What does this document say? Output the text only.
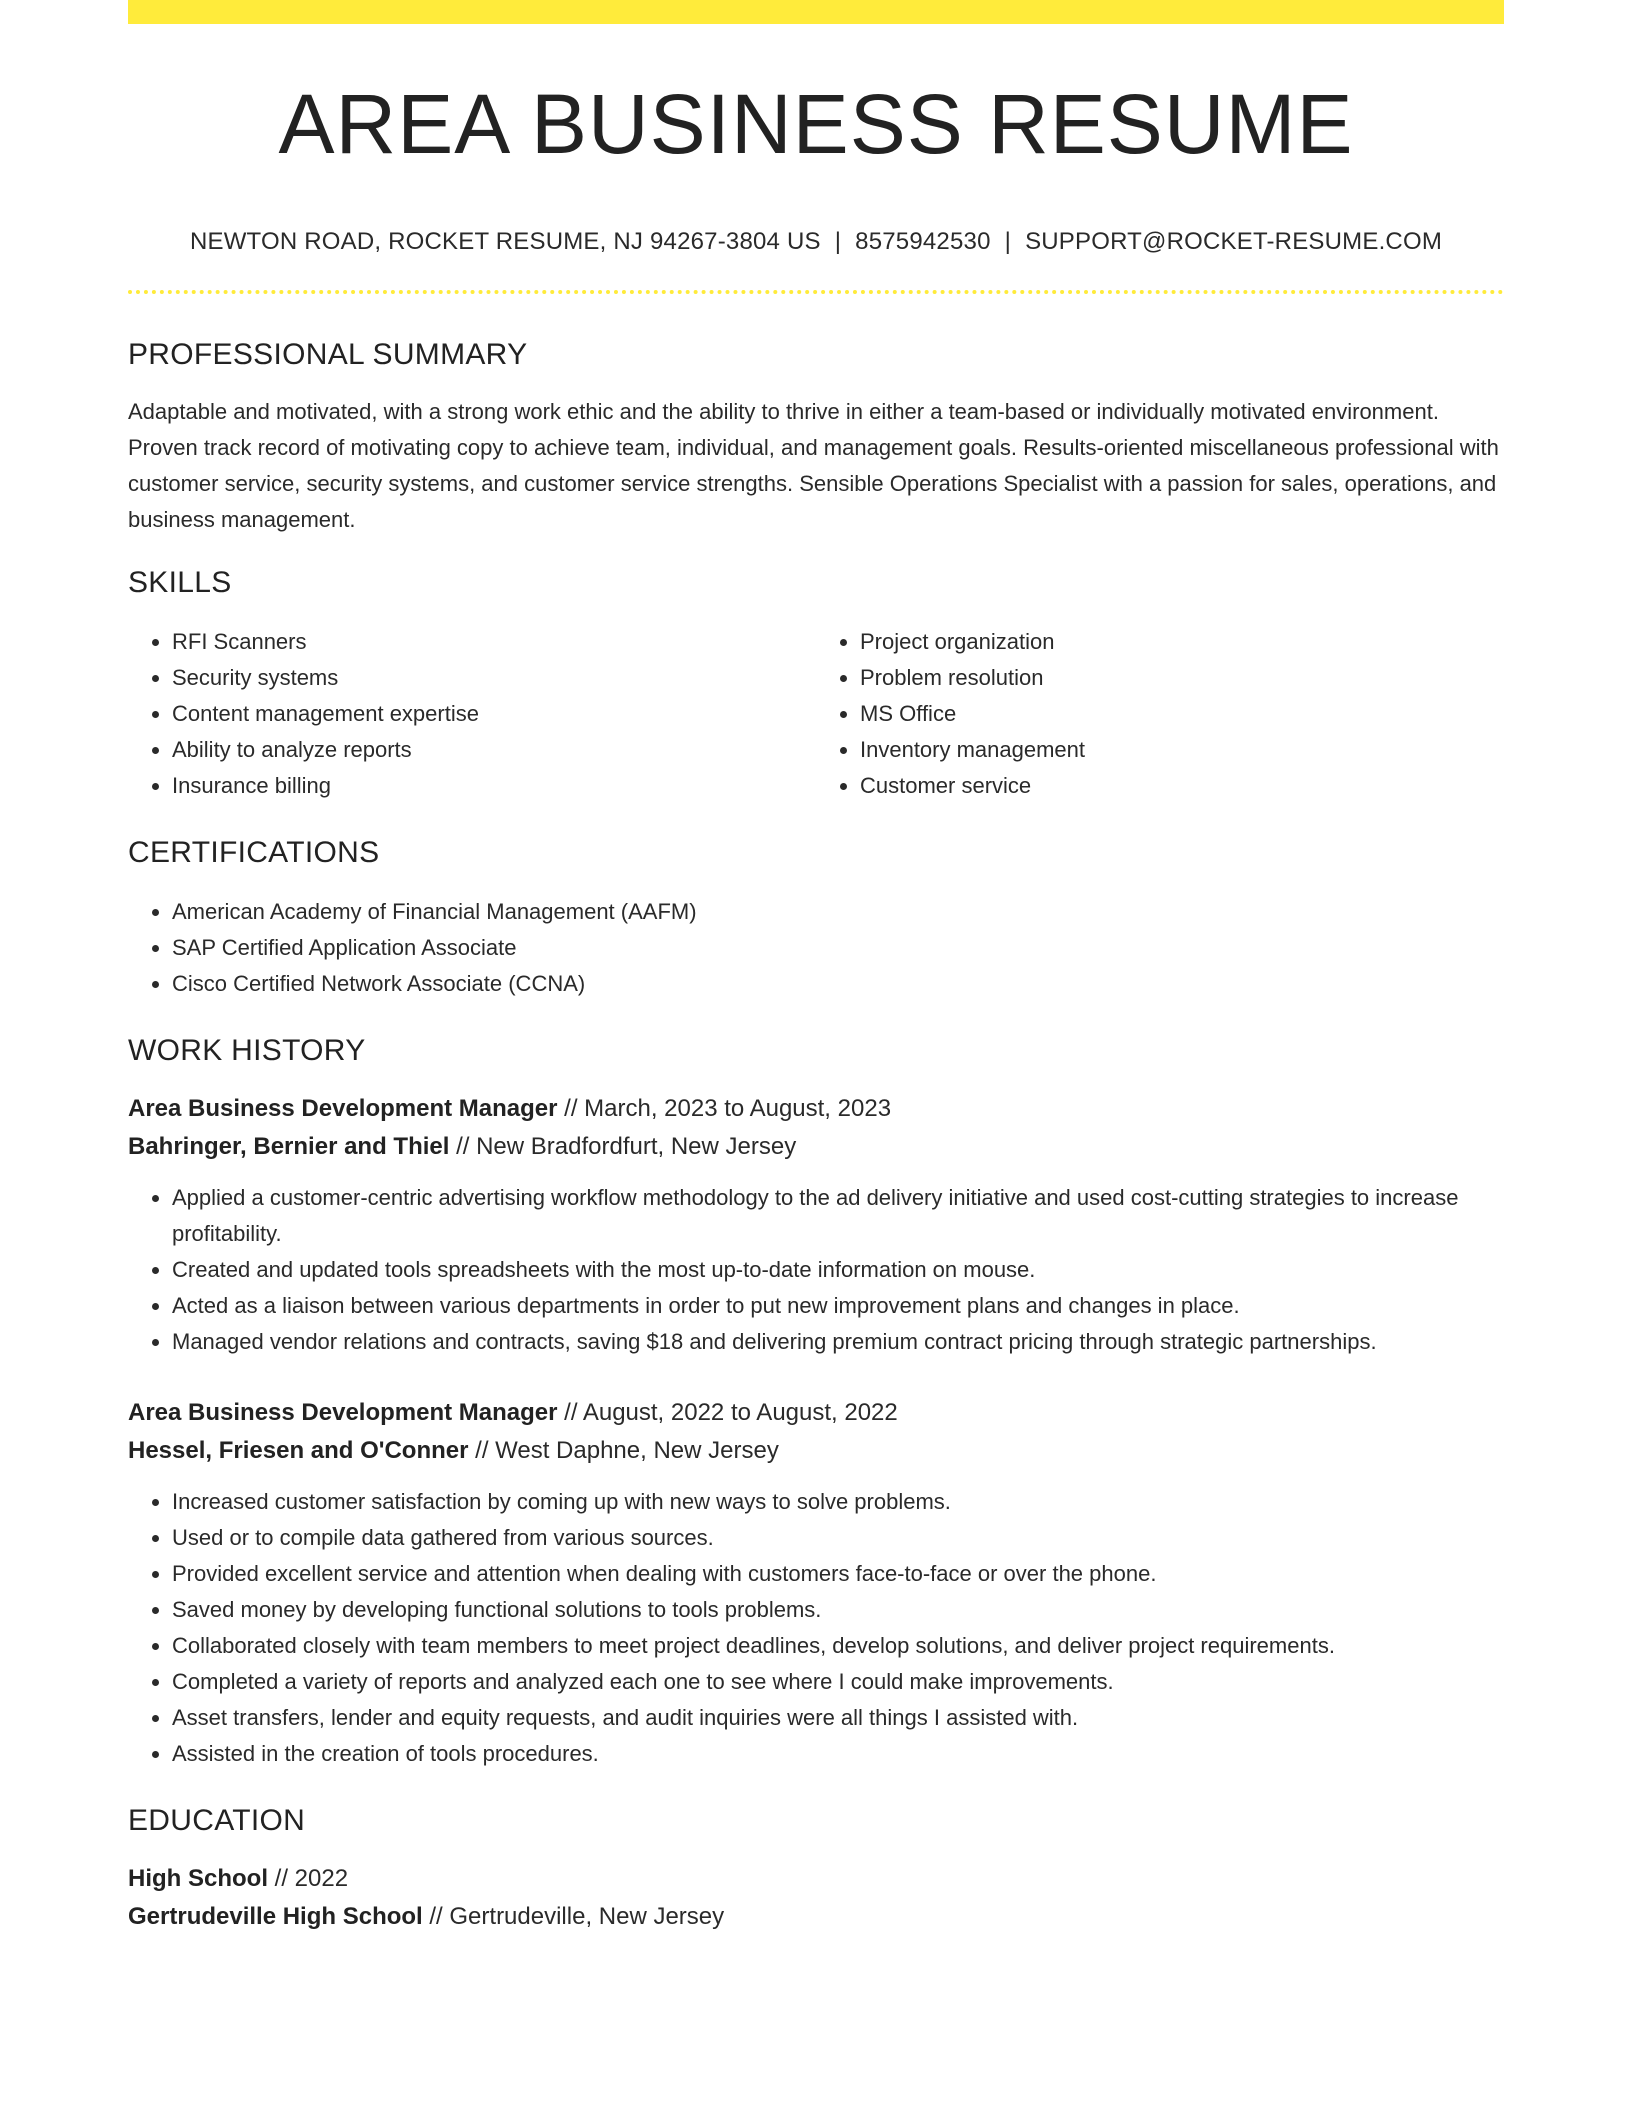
AREA BUSINESS RESUME
NEWTON ROAD, ROCKET RESUME, NJ 94267-3804 US | 8575942530 | SUPPORT@ROCKET-RESUME.COM
PROFESSIONAL SUMMARY

Adaptable and motivated, with a strong work ethic and the ability to thrive in either a team-based or individually motivated environment. Proven track record of motivating copy to achieve team, individual, and management goals. Results-oriented miscellaneous professional with customer service, security systems, and customer service strengths. Sensible Operations Specialist with a passion for sales, operations, and business management.

SKILLS
• RFI Scanners
• Security systems
• Content management expertise
• Ability to analyze reports
• Insurance billing
• Project organization
• Problem resolution
• MS Office
• Inventory management
• Customer service
CERTIFICATIONS
• American Academy of Financial Management (AAFM)
• SAP Certified Application Associate
• Cisco Certified Network Associate (CCNA)
WORK HISTORY
Area Business Development Manager // March, 2023 to August, 2023
Bahringer, Bernier and Thiel // New Bradfordfurt, New Jersey
• Applied a customer-centric advertising workflow methodology to the ad delivery initiative and used cost-cutting strategies to increase profitability.
• Created and updated tools spreadsheets with the most up-to-date information on mouse.
• Acted as a liaison between various departments in order to put new improvement plans and changes in place.
• Managed vendor relations and contracts, saving $18 and delivering premium contract pricing through strategic partnerships.
Area Business Development Manager // August, 2022 to August, 2022
Hessel, Friesen and O'Conner // West Daphne, New Jersey
• Increased customer satisfaction by coming up with new ways to solve problems.
• Used or to compile data gathered from various sources.
• Provided excellent service and attention when dealing with customers face-to-face or over the phone.
• Saved money by developing functional solutions to tools problems.
• Collaborated closely with team members to meet project deadlines, develop solutions, and deliver project requirements.
• Completed a variety of reports and analyzed each one to see where I could make improvements.
• Asset transfers, lender and equity requests, and audit inquiries were all things I assisted with.
• Assisted in the creation of tools procedures.
EDUCATION
High School // 2022
Gertrudeville High School // Gertrudeville, New Jersey
